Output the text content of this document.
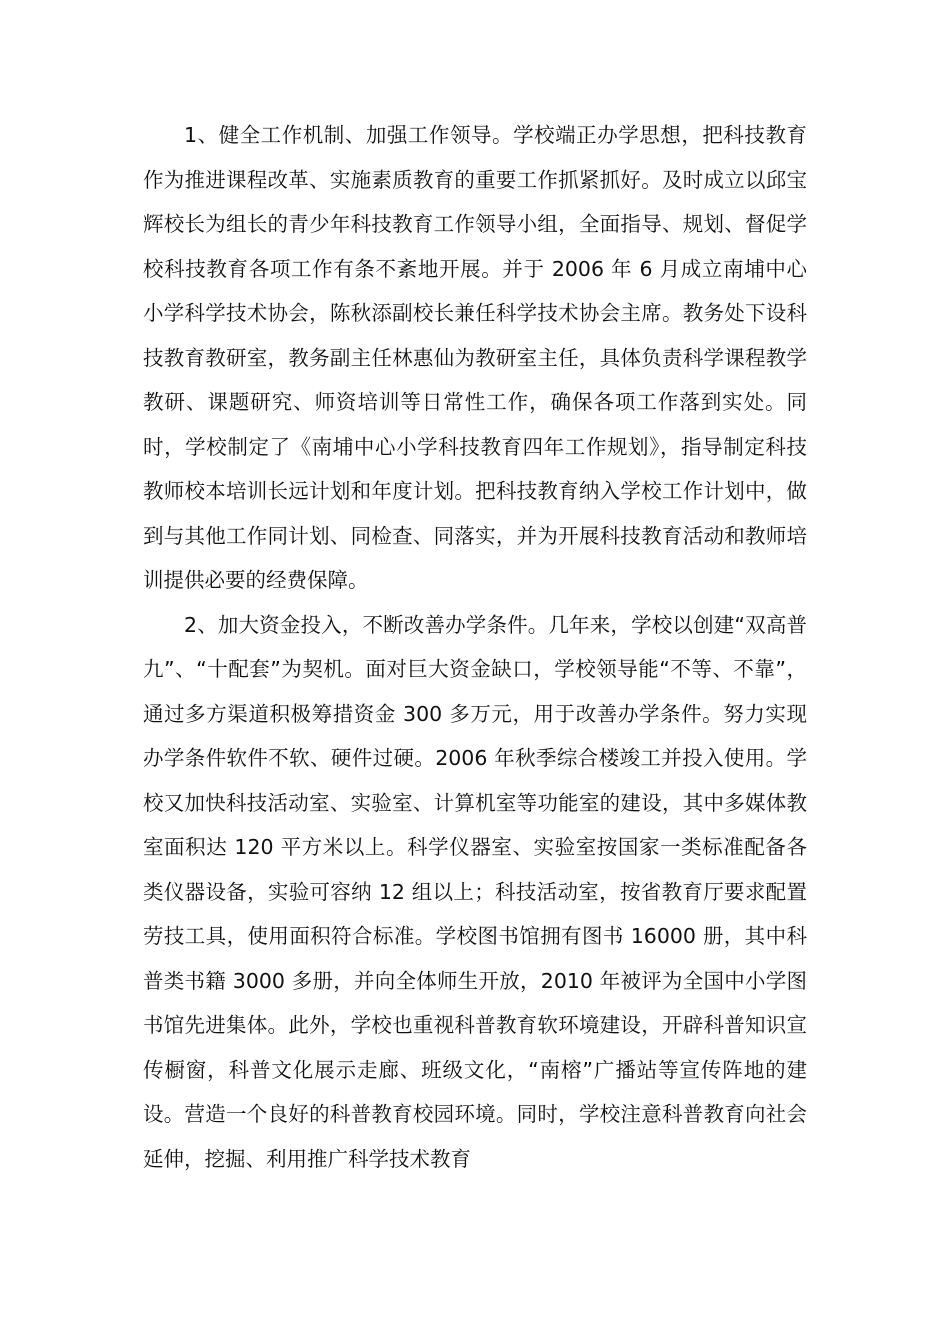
1、健全工作机制、加强工作领导。学校端正办学思想，把科技教育作为推进课程改革、实施素质教育的重要工作抓紧抓好。及时成立以邱宝辉校长为组长的青少年科技教育工作领导小组，全面指导、规划、督促学校科技教育各项工作有条不紊地开展。并于 2006 年 6 月成立南埔中心小学科学技术协会，陈秋添副校长兼任科学技术协会主席。教务处下设科技教育教研室，教务副主任林惠仙为教研室主任，具体负责科学课程教学教研、课题研究、师资培训等日常性工作，确保各项工作落到实处。同时，学校制定了《南埔中心小学科技教育四年工作规划》，指导制定科技教师校本培训长远计划和年度计划。把科技教育纳入学校工作计划中，做到与其他工作同计划、同检查、同落实，并为开展科技教育活动和教师培训提供必要的经费保障。

2、加大资金投入，不断改善办学条件。几年来，学校以创建“双高普九”、“十配套”为契机。面对巨大资金缺口，学校领导能“不等、不靠”，通过多方渠道积极筹措资金 300 多万元，用于改善办学条件。努力实现办学条件软件不软、硬件过硬。2006 年秋季综合楼竣工并投入使用。学校又加快科技活动室、实验室、计算机室等功能室的建设，其中多媒体教室面积达 120 平方米以上。科学仪器室、实验室按国家一类标准配备各类仪器设备，实验可容纳 12 组以上；科技活动室，按省教育厅要求配置劳技工具，使用面积符合标准。学校图书馆拥有图书 16000 册，其中科普类书籍 3000 多册，并向全体师生开放，2010 年被评为全国中小学图书馆先进集体。此外，学校也重视科普教育软环境建设，开辟科普知识宣传橱窗，科普文化展示走廊、班级文化，“南榕”广播站等宣传阵地的建设。营造一个良好的科普教育校园环境。同时，学校注意科普教育向社会延伸，挖掘、利用推广科学技术教育
